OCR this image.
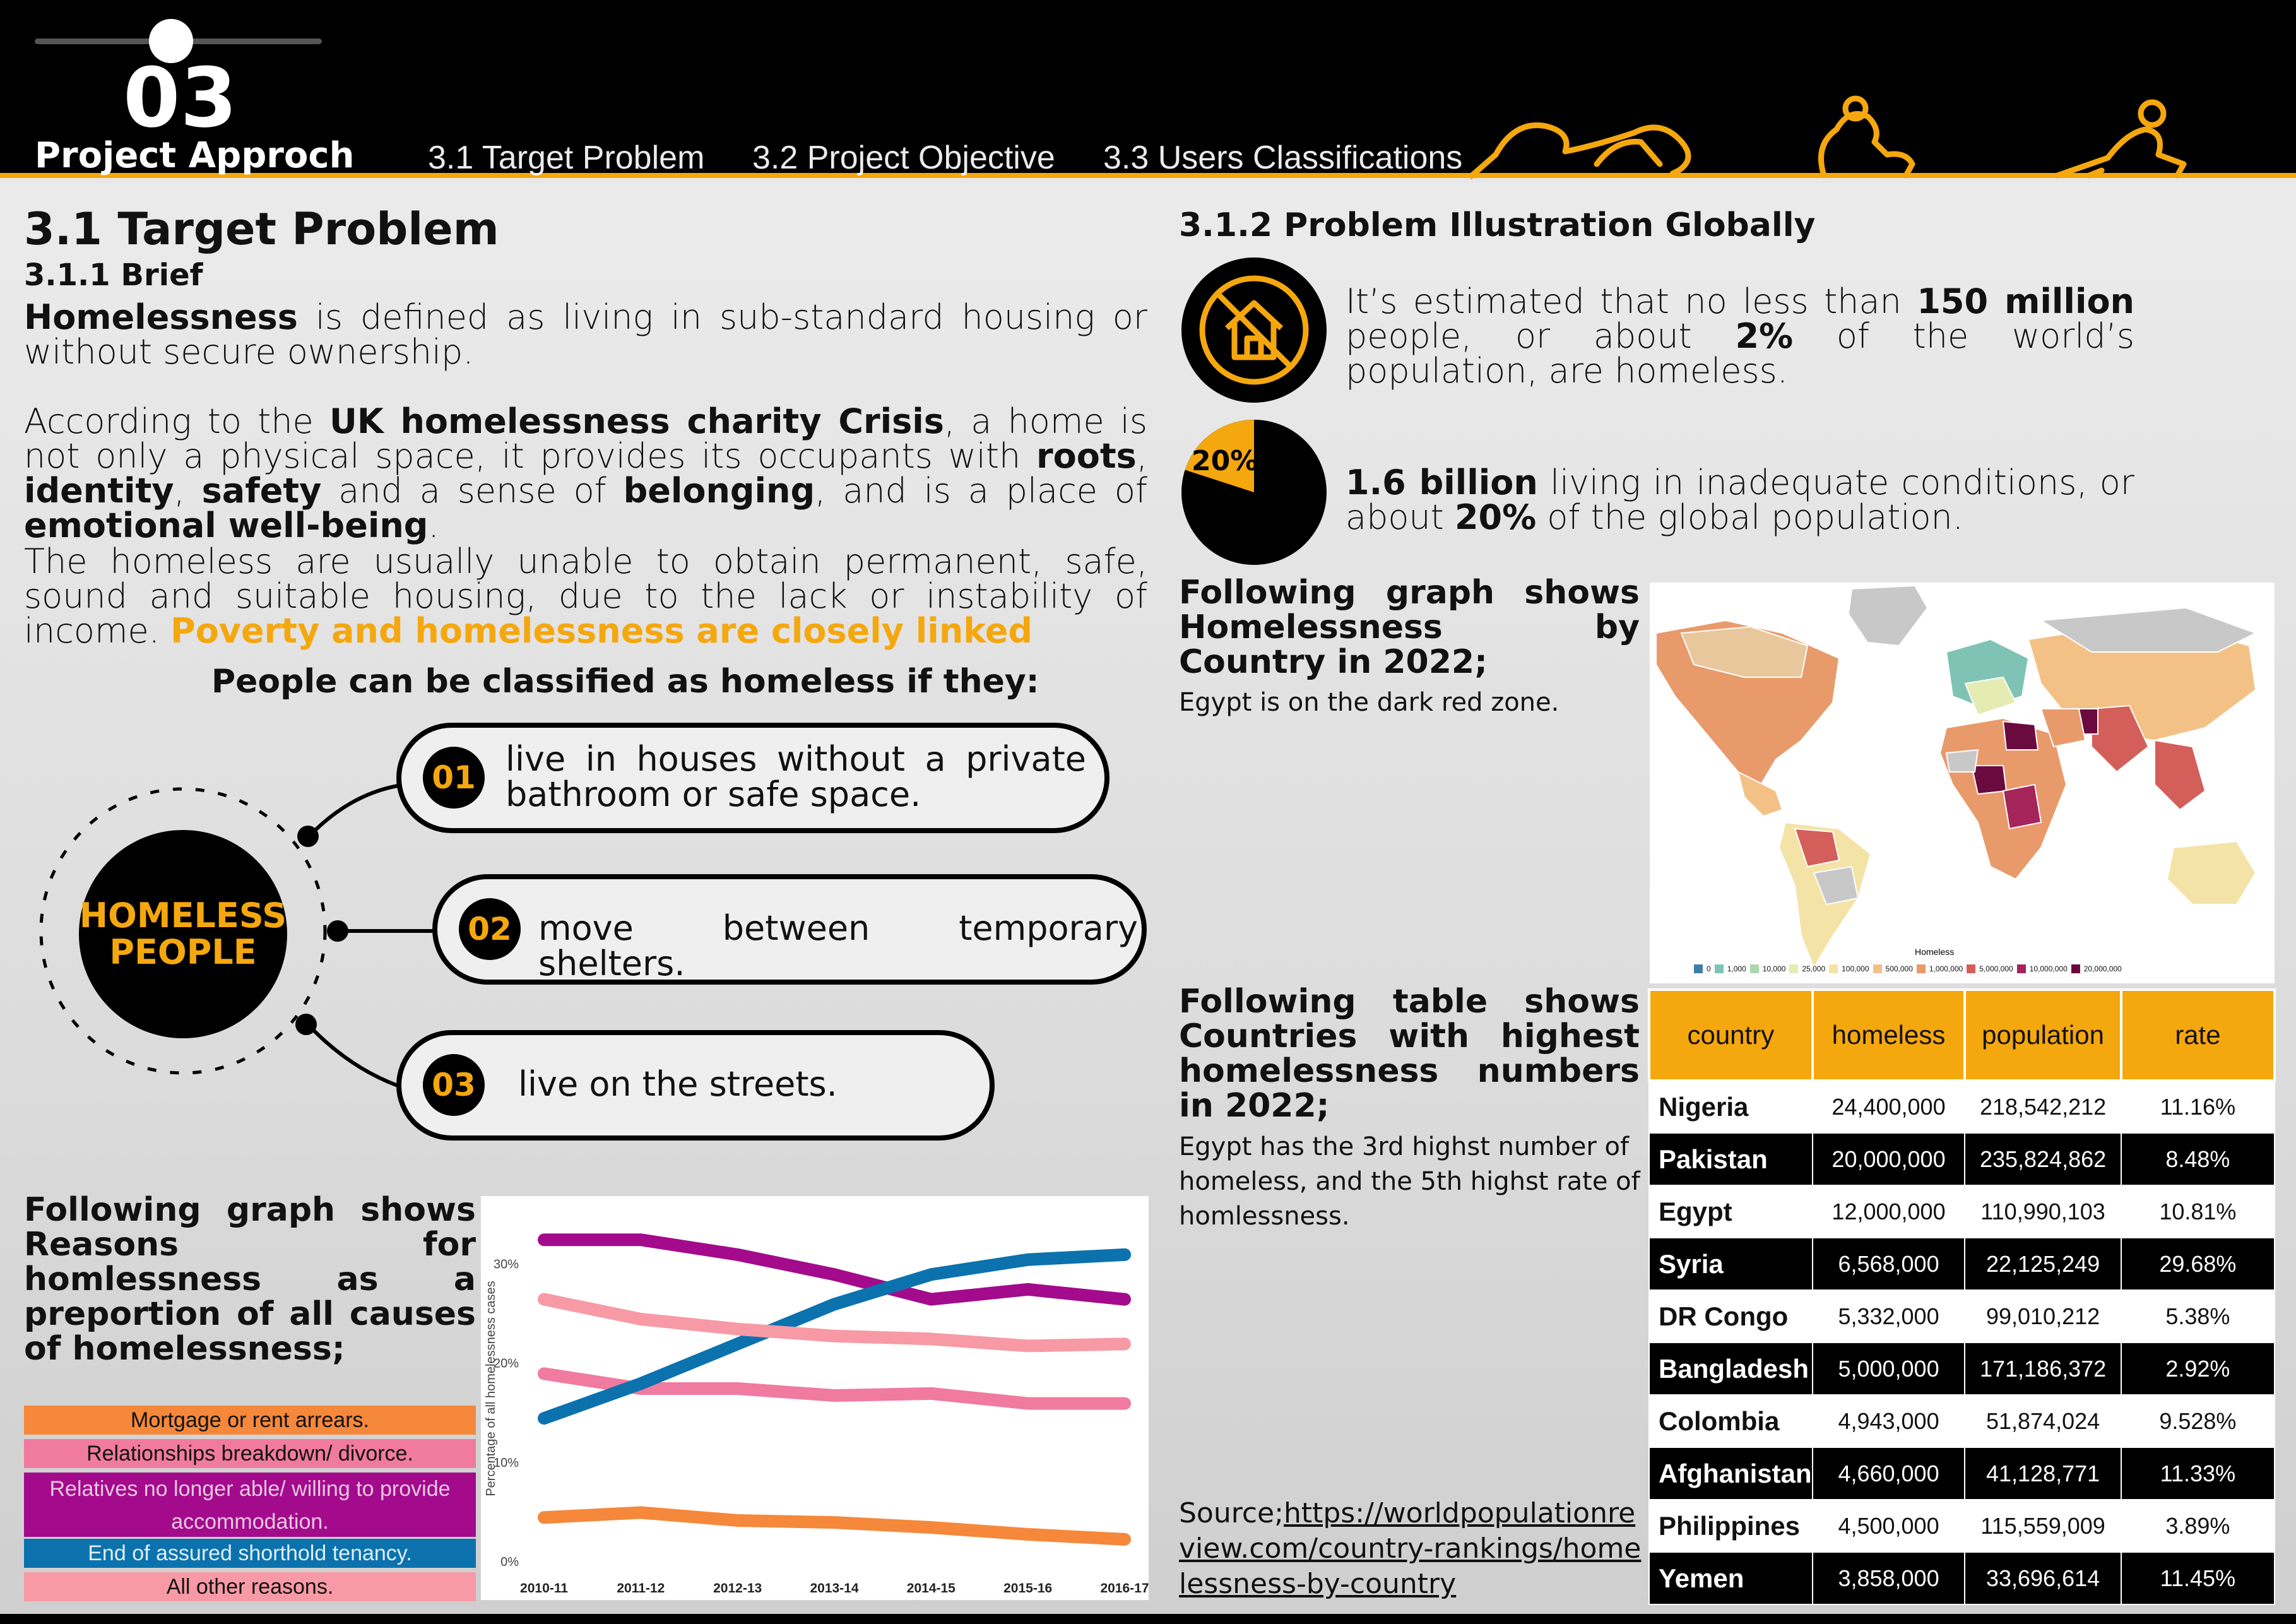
03
Project Approch 3.1 Target Problem 3.2 Project Objective 3.3 Users Classifications
3.1 Target Problem
3.1.1 Brief
Homelessness is defined as living in sub-standard housing or without secure ownership.
According to the UK homelessness charity Crisis, a home is not only a physical space, it provides its occupants with roots, identity, safety and a sense of belonging, and is a place of emotional well-being.
The homeless are usually unable to obtain permanent, safe, sound and suitable housing, due to the lack or instability of income. Poverty and homelessness are closely linked
People can be classified as homeless if they:
HOMELESS
PEOPLE
01 live in houses without a private bathroom or safe space.
02 move between temporary shelters.
03 live on the streets.
Following graph shows Reasons for homlessness as a preportion of all causes of homelessness;
Mortgage or rent arrears.
Relationships breakdown/ divorce.
Relatives no longer able/ willing to provide accommodation.
End of assured shorthold tenancy.
All other reasons.
0%
10%
20%
30%
Percentage of all homelessness cases
2010-11	2011-12	2012-13	2013-14	2014-15	2015-16	2016-17
3.1.2 Problem Illustration Globally
It’s estimated that no less than 150 million people, or about 2% of the world’s population, are homeless.
20%
1.6 billion living in inadequate conditions, or about 20% of the global population.
Following graph shows Homelessness by Country in 2022;
Egypt is on the dark red zone.
Homeless
0 1,000 10,000 25,000 100,000 500,000 1,000,000 5,000,000 10,000,000 20,000,000
Following table shows Countries with highest homelessness numbers in 2022;
Egypt has the 3rd highst number of homeless, and the 5th highst rate of homlessness.
Source;https://worldpopulationreview.com/country-rankings/homelessness-by-country
country	homeless	population	rate
Nigeria	24,400,000	218,542,212	11.16%
Pakistan	20,000,000	235,824,862	8.48%
Egypt	12,000,000	110,990,103	10.81%
Syria	6,568,000	22,125,249	29.68%
DR Congo	5,332,000	99,010,212	5.38%
Bangladesh	5,000,000	171,186,372	2.92%
Colombia	4,943,000	51,874,024	9.528%
Afghanistan	4,660,000	41,128,771	11.33%
Philippines	4,500,000	115,559,009	3.89%
Yemen	3,858,000	33,696,614	11.45%
